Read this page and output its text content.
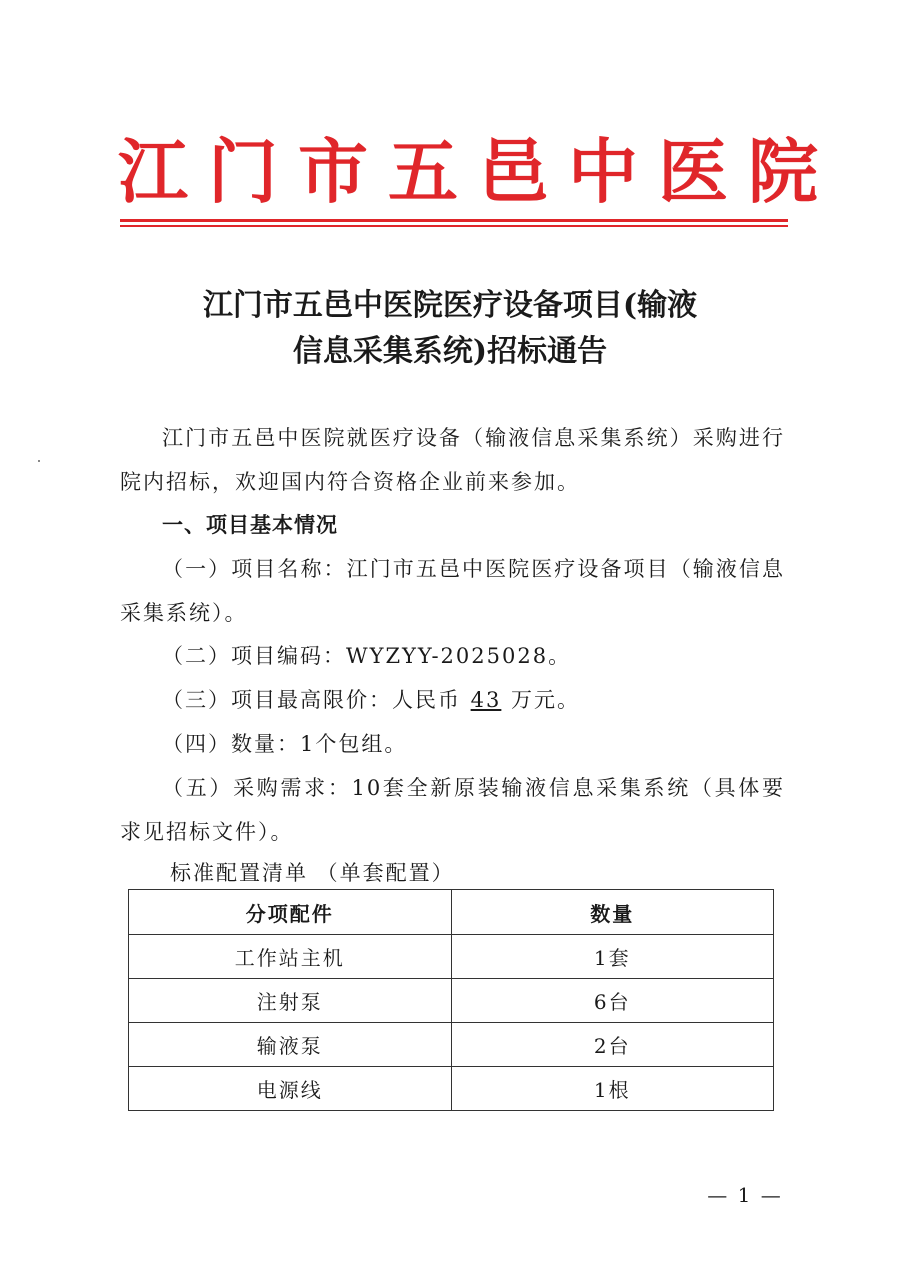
江门市五邑中医院
江门市五邑中医院医疗设备项目(输液
信息采集系统)招标通告
江门市五邑中医院就医疗设备（输液信息采集系统）采购进行院内招标，欢迎国内符合资格企业前来参加。
一、项目基本情况
（一）项目名称：江门市五邑中医院医疗设备项目（输液信息采集系统）。
（二）项目编码：WYZYY-2025028。
（三）项目最高限价：人民币 43 万元。
（四）数量：1个包组。
（五）采购需求：10套全新原装输液信息采集系统（具体要求见招标文件）。
标准配置清单 （单套配置）
分项配件	数量
工作站主机	1套
注射泵	6台
输液泵	2台
电源线	1根
— 1 —
